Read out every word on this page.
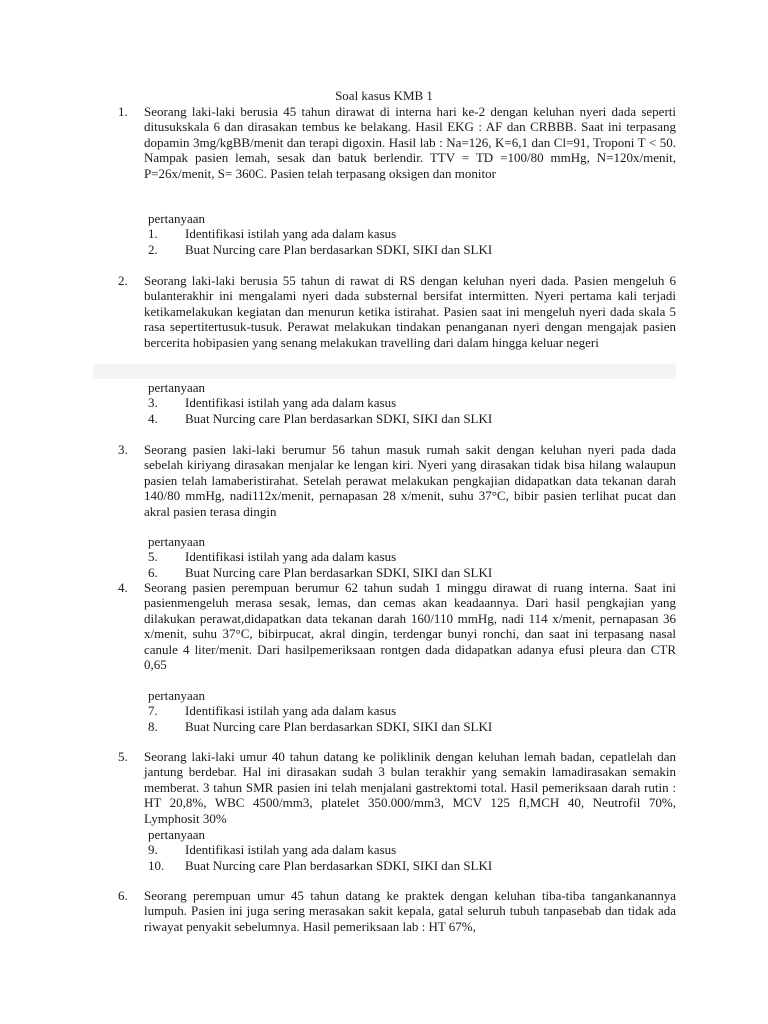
Soal kasus KMB 1
1.	Seorang laki-laki berusia 45 tahun dirawat di interna hari ke-2 dengan keluhan nyeri dada seperti ditusukskala 6 dan dirasakan tembus ke belakang. Hasil EKG : AF dan CRBBB. Saat ini terpasang dopamin 3mg/kgBB/menit dan terapi digoxin. Hasil lab : Na=126, K=6,1 dan Cl=91, Troponi T < 50. Nampak pasien lemah, sesak dan batuk berlendir. TTV = TD =100/80 mmHg, N=120x/menit, P=26x/menit, S= 360C. Pasien telah terpasang oksigen dan monitor
pertanyaan
1.	Identifikasi istilah yang ada dalam kasus
2.	Buat Nurcing care Plan berdasarkan SDKI, SIKI dan SLKI
2.	Seorang laki-laki berusia 55 tahun di rawat di RS dengan keluhan nyeri dada. Pasien mengeluh 6 bulanterakhir ini mengalami nyeri dada substernal bersifat intermitten. Nyeri pertama kali terjadi ketikamelakukan kegiatan dan menurun ketika istirahat. Pasien saat ini mengeluh nyeri dada skala 5 rasa sepertitertusuk-tusuk. Perawat melakukan tindakan penanganan nyeri dengan mengajak pasien bercerita hobipasien yang senang melakukan travelling dari dalam hingga keluar negeri
pertanyaan
3.	Identifikasi istilah yang ada dalam kasus
4.	Buat Nurcing care Plan berdasarkan SDKI, SIKI dan SLKI
3.	Seorang pasien laki-laki berumur 56 tahun masuk rumah sakit dengan keluhan nyeri pada dada sebelah kiriyang dirasakan menjalar ke lengan kiri. Nyeri yang dirasakan tidak bisa hilang walaupun pasien telah lamaberistirahat. Setelah perawat melakukan pengkajian didapatkan data tekanan darah 140/80 mmHg, nadi112x/menit, pernapasan 28 x/menit, suhu 37°C, bibir pasien terlihat pucat dan akral pasien terasa dingin
pertanyaan
5.	Identifikasi istilah yang ada dalam kasus
6.	Buat Nurcing care Plan berdasarkan SDKI, SIKI dan SLKI
4.	Seorang pasien perempuan berumur 62 tahun sudah 1 minggu dirawat di ruang interna. Saat ini pasienmengeluh merasa sesak, lemas, dan cemas akan keadaannya. Dari hasil pengkajian yang dilakukan perawat,didapatkan data tekanan darah 160/110 mmHg, nadi 114 x/menit, pernapasan 36 x/menit, suhu 37°C, bibirpucat, akral dingin, terdengar bunyi ronchi, dan saat ini terpasang nasal canule 4 liter/menit. Dari hasilpemeriksaan rontgen dada didapatkan adanya efusi pleura dan CTR 0,65
pertanyaan
7.	Identifikasi istilah yang ada dalam kasus
8.	Buat Nurcing care Plan berdasarkan SDKI, SIKI dan SLKI
5.	Seorang laki-laki umur 40 tahun datang ke poliklinik dengan keluhan lemah badan, cepatlelah dan jantung berdebar. Hal ini dirasakan sudah 3 bulan terakhir yang semakin lamadirasakan semakin memberat. 3 tahun SMR pasien ini telah menjalani gastrektomi total. Hasil pemeriksaan darah rutin : HT 20,8%, WBC 4500/mm3, platelet 350.000/mm3, MCV 125 fl,MCH 40, Neutrofil 70%, Lymphosit 30%
pertanyaan
9.	Identifikasi istilah yang ada dalam kasus
10.	Buat Nurcing care Plan berdasarkan SDKI, SIKI dan SLKI
6.	Seorang perempuan umur 45 tahun datang ke praktek dengan keluhan tiba-tiba tangankanannya lumpuh. Pasien ini juga sering merasakan sakit kepala, gatal seluruh tubuh tanpasebab dan tidak ada riwayat penyakit sebelumnya. Hasil pemeriksaan lab : HT 67%,
